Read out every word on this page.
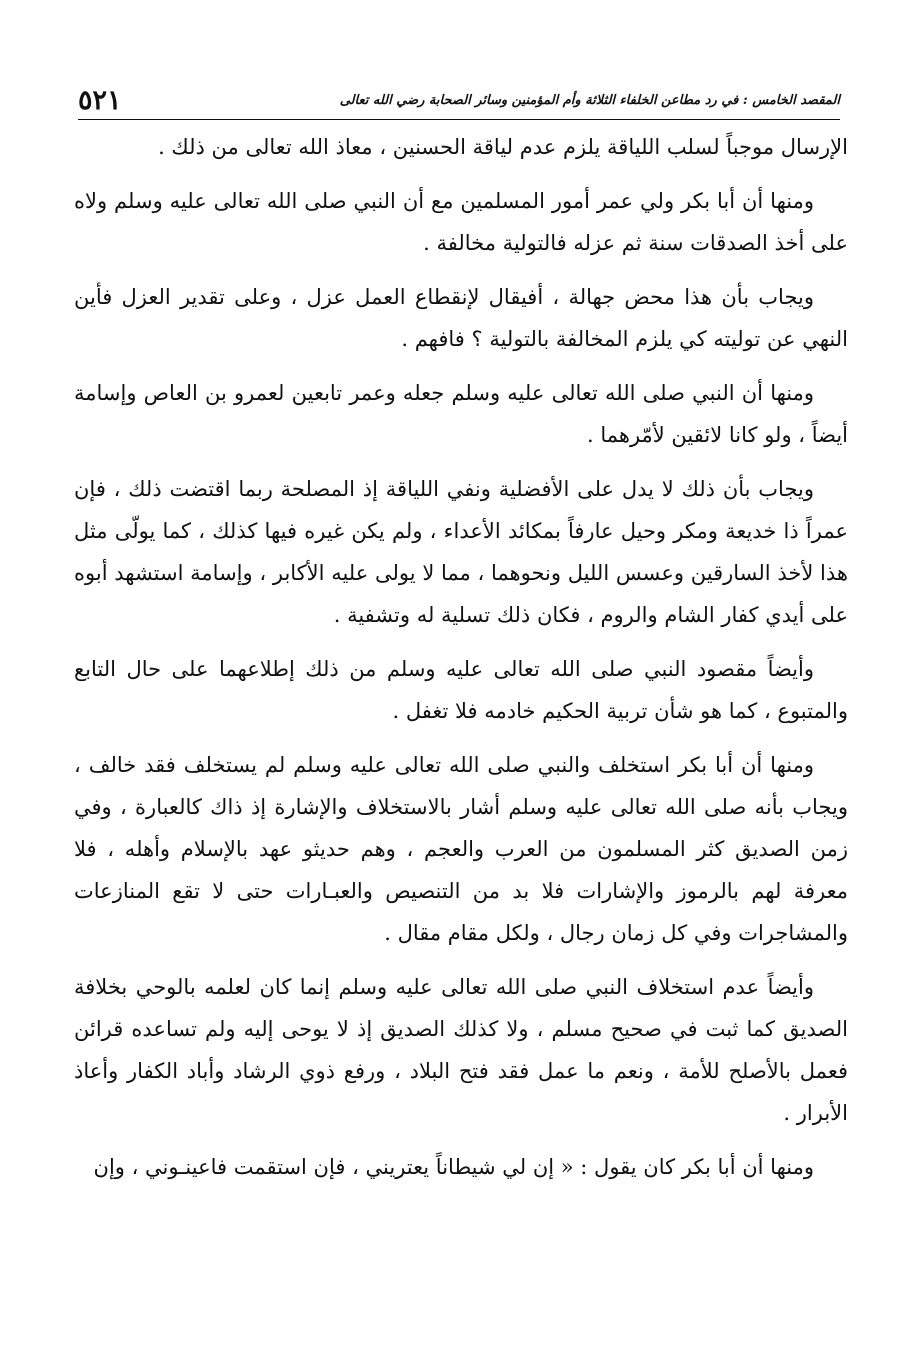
٥٢١	المقصد الخامس : في رد مطاعن الخلفاء الثلاثة وأم المؤمنين وسائر الصحابة رضي الله تعالى

الإرسال موجباً لسلب اللياقة يلزم عدم لياقة الحسنين ، معاذ الله تعالى من ذلك .

ومنها أن أبا بكر ولي عمر أمور المسلمين مع أن النبي صلى الله تعالى عليه وسلم ولاه على أخذ الصدقات سنة ثم عزله فالتولية مخالفة .

ويجاب بأن هذا محض جهالة ، أفيقال لإنقطاع العمل عزل ، وعلى تقدير العزل فأين النهي عن توليته كي يلزم المخالفة بالتولية ؟ فافهم .

ومنها أن النبي صلى الله تعالى عليه وسلم جعله وعمر تابعين لعمرو بن العاص وإسامة أيضاً ، ولو كانا لائقين لأمّرهما .

ويجاب بأن ذلك لا يدل على الأفضلية ونفي اللياقة إذ المصلحة ربما اقتضت ذلك ، فإن عمراً ذا خديعة ومكر وحيل عارفاً بمكائد الأعداء ، ولم يكن غيره فيها كذلك ، كما يولّى مثل هذا لأخذ السارقين وعسس الليل ونحوهما ، مما لا يولى عليه الأكابر ، وإسامة استشهد أبوه على أيدي كفار الشام والروم ، فكان ذلك تسلية له وتشفية .

وأيضاً مقصود النبي صلى الله تعالى عليه وسلم من ذلك إطلاعهما على حال التابع والمتبوع ، كما هو شأن تربية الحكيم خادمه فلا تغفل .

ومنها أن أبا بكر استخلف والنبي صلى الله تعالى عليه وسلم لم يستخلف فقد خالف ، ويجاب بأنه صلى الله تعالى عليه وسلم أشار بالاستخلاف والإشارة إذ ذاك كالعبارة ، وفي زمن الصديق كثر المسلمون من العرب والعجم ، وهم حديثو عهد بالإسلام وأهله ، فلا معرفة لهم بالرموز والإشارات فلا بد من التنصيص والعبـارات حتى لا تقع المنازعات والمشاجرات وفي كل زمان رجال ، ولكل مقام مقال .

وأيضاً عدم استخلاف النبي صلى الله تعالى عليه وسلم إنما كان لعلمه بالوحي بخلافة الصديق كما ثبت في صحيح مسلم ، ولا كذلك الصديق إذ لا يوحى إليه ولم تساعده قرائن فعمل بالأصلح للأمة ، ونعم ما عمل فقد فتح البلاد ، ورفع ذوي الرشاد وأباد الكفار وأعاذ الأبرار .

ومنها أن أبا بكر كان يقول : « إن لي شيطاناً يعتريني ، فإن استقمت فاعينـوني ، وإن
